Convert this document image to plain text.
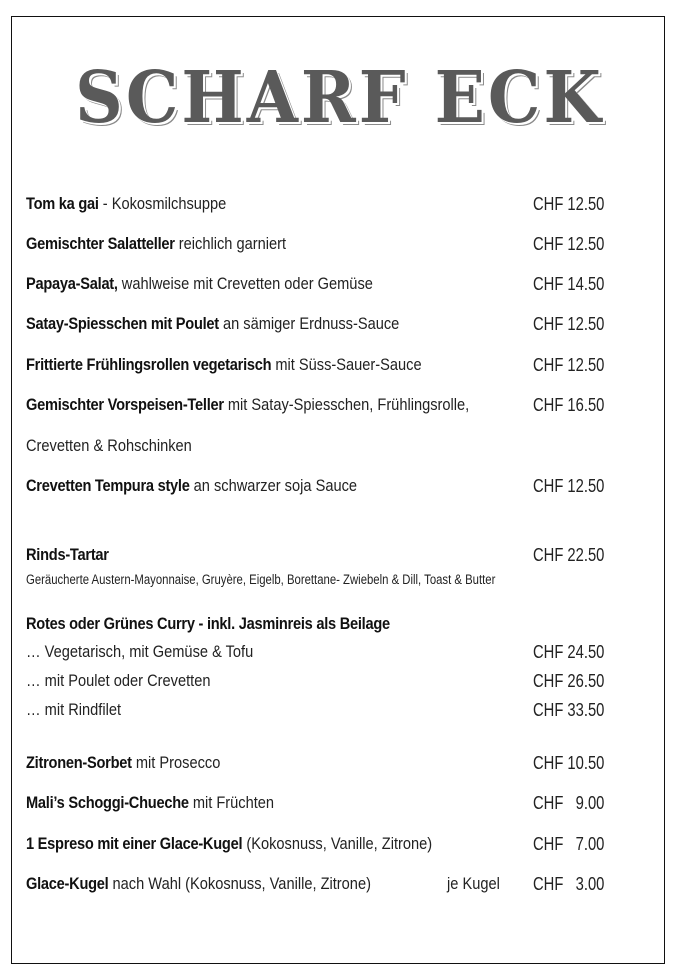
SCHARF ECK
Tom ka gai - Kokosmilchsuppe	CHF 12.50
Gemischter Salatteller reichlich garniert	CHF 12.50
Papaya-Salat, wahlweise mit Crevetten oder Gemüse	CHF 14.50
Satay-Spiesschen mit Poulet an sämiger Erdnuss-Sauce	CHF 12.50
Frittierte Frühlingsrollen vegetarisch mit Süss-Sauer-Sauce	CHF 12.50
Gemischter Vorspeisen-Teller mit Satay-Spiesschen, Frühlingsrolle,	CHF 16.50
Crevetten & Rohschinken
Crevetten Tempura style an schwarzer soja Sauce	CHF 12.50
Rinds-Tartar	CHF 22.50
Geräucherte Austern-Mayonnaise, Gruyère, Eigelb, Borettane- Zwiebeln & Dill, Toast & Butter
Rotes oder Grünes Curry - inkl. Jasminreis als Beilage
… Vegetarisch, mit Gemüse & Tofu	CHF 24.50
… mit Poulet oder Crevetten	CHF 26.50
… mit Rindfilet	CHF 33.50
Zitronen-Sorbet mit Prosecco	CHF 10.50
Mali’s Schoggi-Chueche mit Früchten	CHF   9.00
1 Espreso mit einer Glace-Kugel (Kokosnuss, Vanille, Zitrone)	CHF   7.00
Glace-Kugel nach Wahl (Kokosnuss, Vanille, Zitrone)	je Kugel CHF   3.00
